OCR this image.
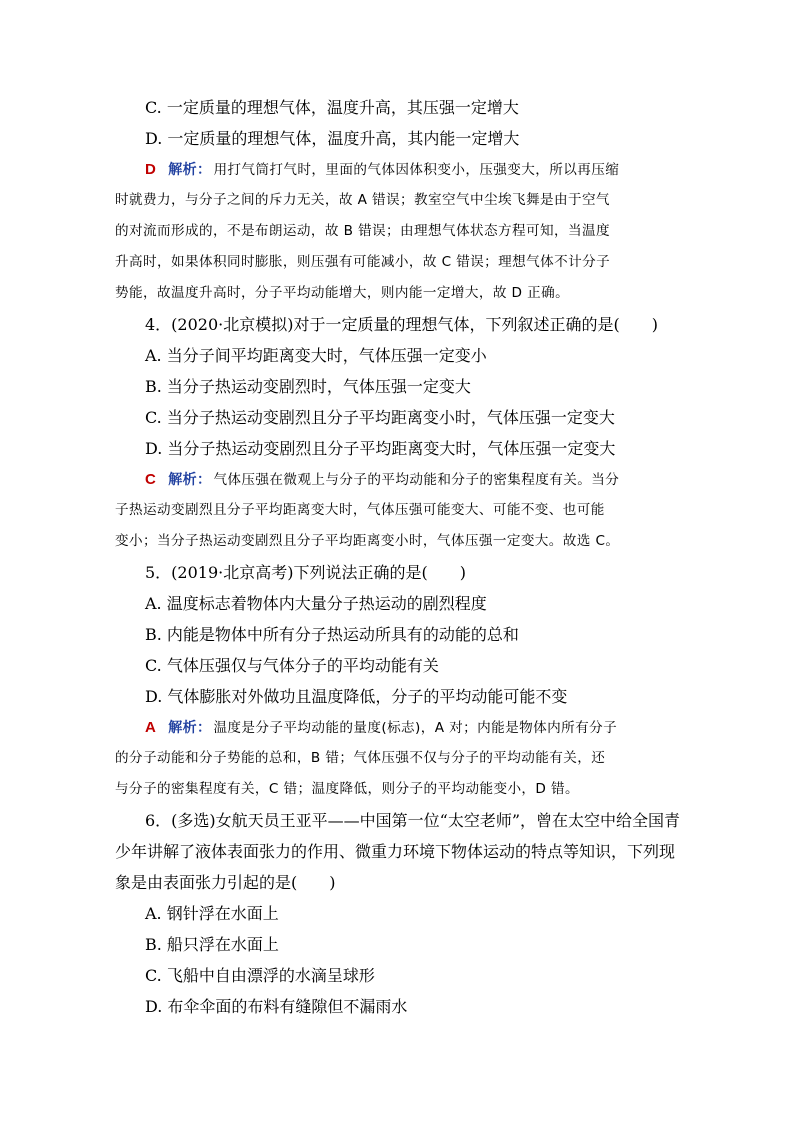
C. 一定质量的理想气体，温度升高，其压强一定增大
D. 一定质量的理想气体，温度升高，其内能一定增大
D 解析： 用打气筒打气时，里面的气体因体积变小，压强变大，所以再压缩
时就费力，与分子之间的斥力无关，故 A 错误；教室空气中尘埃飞舞是由于空气
的对流而形成的，不是布朗运动，故 B 错误；由理想气体状态方程可知，当温度
升高时，如果体积同时膨胀，则压强有可能减小，故 C 错误；理想气体不计分子
势能，故温度升高时，分子平均动能增大，则内能一定增大，故 D 正确。
4．(2020·北京模拟)对于一定质量的理想气体，下列叙述正确的是(　　)
A. 当分子间平均距离变大时，气体压强一定变小
B. 当分子热运动变剧烈时，气体压强一定变大
C. 当分子热运动变剧烈且分子平均距离变小时，气体压强一定变大
D. 当分子热运动变剧烈且分子平均距离变大时，气体压强一定变大
C 解析： 气体压强在微观上与分子的平均动能和分子的密集程度有关。当分
子热运动变剧烈且分子平均距离变大时，气体压强可能变大、可能不变、也可能
变小；当分子热运动变剧烈且分子平均距离变小时，气体压强一定变大。故选 C。
5．(2019·北京高考)下列说法正确的是(　　)
A. 温度标志着物体内大量分子热运动的剧烈程度
B. 内能是物体中所有分子热运动所具有的动能的总和
C. 气体压强仅与气体分子的平均动能有关
D. 气体膨胀对外做功且温度降低，分子的平均动能可能不变
A 解析： 温度是分子平均动能的量度(标志)，A 对；内能是物体内所有分子
的分子动能和分子势能的总和，B 错；气体压强不仅与分子的平均动能有关，还
与分子的密集程度有关，C 错；温度降低，则分子的平均动能变小，D 错。
6．(多选)女航天员王亚平——中国第一位“太空老师”，曾在太空中给全国青
少年讲解了液体表面张力的作用、微重力环境下物体运动的特点等知识，下列现
象是由表面张力引起的是(　　)
A. 钢针浮在水面上
B. 船只浮在水面上
C. 飞船中自由漂浮的水滴呈球形
D. 布伞伞面的布料有缝隙但不漏雨水
